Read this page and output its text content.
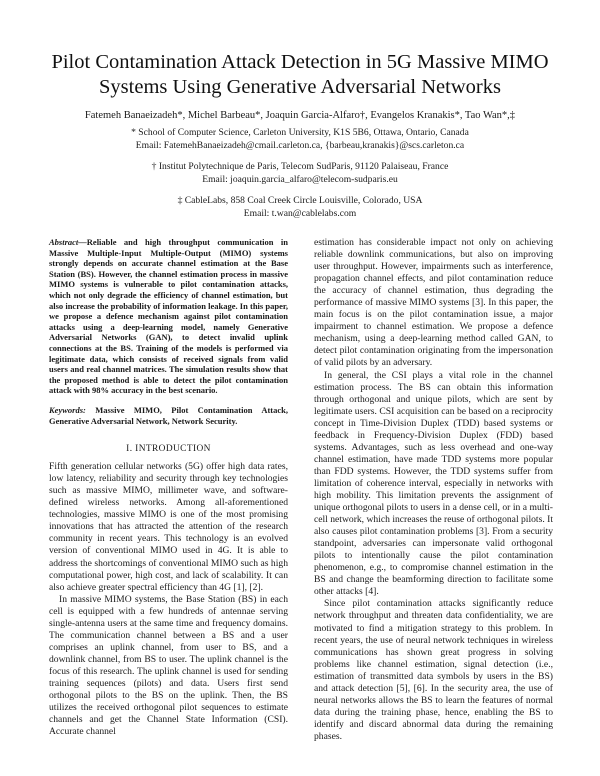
Pilot Contamination Attack Detection in 5G Massive MIMO Systems Using Generative Adversarial Networks
Fatemeh Banaeizadeh*, Michel Barbeau*, Joaquin Garcia-Alfaro†, Evangelos Kranakis*, Tao Wan*,‡
* School of Computer Science, Carleton University, K1S 5B6, Ottawa, Ontario, Canada
Email: FatemehBanaeizadeh@cmail.carleton.ca, {barbeau,kranakis}@scs.carleton.ca
† Institut Polytechnique de Paris, Telecom SudParis, 91120 Palaiseau, France
Email: joaquin.garcia_alfaro@telecom-sudparis.eu
‡ CableLabs, 858 Coal Creek Circle Louisville, Colorado, USA
Email: t.wan@cablelabs.com

Abstract—Reliable and high throughput communication in Massive Multiple-Input Multiple-Output (MIMO) systems strongly depends on accurate channel estimation at the Base Station (BS). However, the channel estimation process in massive MIMO systems is vulnerable to pilot contamination attacks, which not only degrade the efficiency of channel estimation, but also increase the probability of information leakage. In this paper, we propose a defence mechanism against pilot contamination attacks using a deep-learning model, namely Generative Adversarial Networks (GAN), to detect invalid uplink connections at the BS. Training of the models is performed via legitimate data, which consists of received signals from valid users and real channel matrices. The simulation results show that the proposed method is able to detect the pilot contamination attack with 98% accuracy in the best scenario.

Keywords: Massive MIMO, Pilot Contamination Attack, Generative Adversarial Network, Network Security.

I. INTRODUCTION

Fifth generation cellular networks (5G) offer high data rates, low latency, reliability and security through key technologies such as massive MIMO, millimeter wave, and software-defined wireless networks. Among all-aforementioned technologies, massive MIMO is one of the most promising innovations that has attracted the attention of the research community in recent years. This technology is an evolved version of conventional MIMO used in 4G. It is able to address the shortcomings of conventional MIMO such as high computational power, high cost, and lack of scalability. It can also achieve greater spectral efficiency than 4G [1], [2].

In massive MIMO systems, the Base Station (BS) in each cell is equipped with a few hundreds of antennae serving single-antenna users at the same time and frequency domains. The communication channel between a BS and a user comprises an uplink channel, from user to BS, and a downlink channel, from BS to user. The uplink channel is the focus of this research. The uplink channel is used for sending training sequences (pilots) and data. Users first send orthogonal pilots to the BS on the uplink. Then, the BS utilizes the received orthogonal pilot sequences to estimate channels and get the Channel State Information (CSI). Accurate channel

estimation has considerable impact not only on achieving reliable downlink communications, but also on improving user throughput. However, impairments such as interference, propagation channel effects, and pilot contamination reduce the accuracy of channel estimation, thus degrading the performance of massive MIMO systems [3]. In this paper, the main focus is on the pilot contamination issue, a major impairment to channel estimation. We propose a defence mechanism, using a deep-learning method called GAN, to detect pilot contamination originating from the impersonation of valid pilots by an adversary.

In general, the CSI plays a vital role in the channel estimation process. The BS can obtain this information through orthogonal and unique pilots, which are sent by legitimate users. CSI acquisition can be based on a reciprocity concept in Time-Division Duplex (TDD) based systems or feedback in Frequency-Division Duplex (FDD) based systems. Advantages, such as less overhead and one-way channel estimation, have made TDD systems more popular than FDD systems. However, the TDD systems suffer from limitation of coherence interval, especially in networks with high mobility. This limitation prevents the assignment of unique orthogonal pilots to users in a dense cell, or in a multi-cell network, which increases the reuse of orthogonal pilots. It also causes pilot contamination problems [3]. From a security standpoint, adversaries can impersonate valid orthogonal pilots to intentionally cause the pilot contamination phenomenon, e.g., to compromise channel estimation in the BS and change the beamforming direction to facilitate some other attacks [4].

Since pilot contamination attacks significantly reduce network throughput and threaten data confidentiality, we are motivated to find a mitigation strategy to this problem. In recent years, the use of neural network techniques in wireless communications has shown great progress in solving problems like channel estimation, signal detection (i.e., estimation of transmitted data symbols by users in the BS) and attack detection [5], [6]. In the security area, the use of neural networks allows the BS to learn the features of normal data during the training phase, hence, enabling the BS to identify and discard abnormal data during the remaining phases.
